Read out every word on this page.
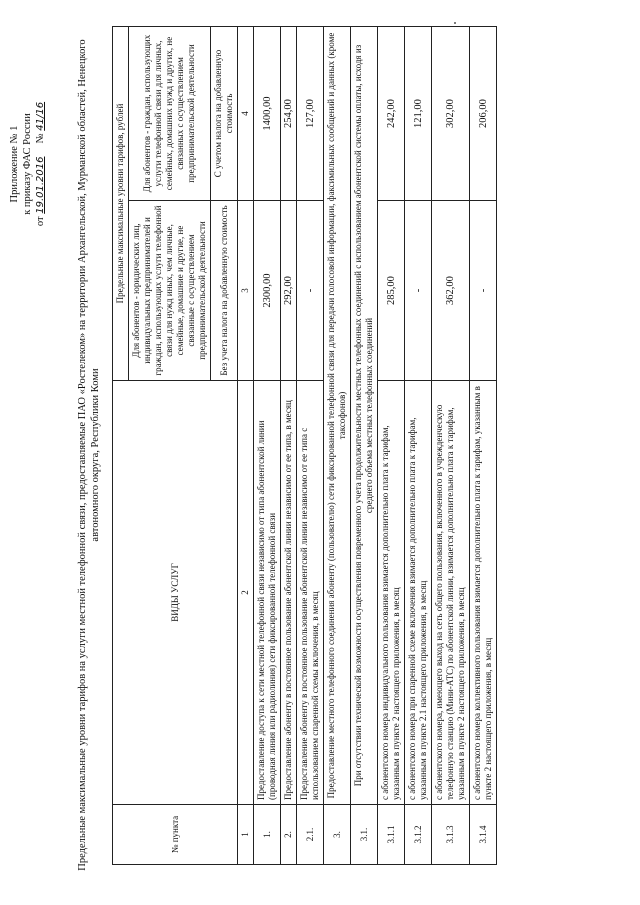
Приложение № 1 к приказу ФАС России
от 19.01.2016     № 41/16	Предельные максимальные уровни тарифов на услуги местной телефонной связи, предоставляемые ПАО «Ростелеком» на территории Архангельской, Мурманской областей, Ненецкого автономного округа, Республики Коми
№ пункта	ВИДЫ УСЛУГ	Предельные максимальные уровни тарифов, рублей	
		Для абонентов - юридических лиц, индивидуальных предпринимателей и граждан, использующих услуги телефонной связи для нужд иных, чем личные, семейные, домашние и другие, не связанные с осуществлением предпринимательской деятельности	Для абонентов - граждан, использующих услуги телефонной связи для личных, семейных, домашних нужд и других, не связанных с осуществлением предпринимательской деятельности
		Без учета налога на добавленную стоимость	С учетом налога на добавленную стоимость
1	2	3	4
1.	Предоставление доступа к сети местной телефонной связи независимо от типа абонентской линии (проводная линия или радиолиния) сети фиксированной телефонной связи	2300,00	1400,00
2.	Предоставление абоненту в постоянное пользование абонентской линии независимо от ее типа, в месяц	292,00	254,00
2.1.	Предоставление абоненту в постоянное пользование абонентской линии независимо от ее типа с использованием спаренной схемы включения, в месяц	-	127,00
3.	Предоставление местного телефонного соединения абоненту (пользователю) сети фиксированной телефонной связи для передачи голосовой информации, факсимильных сообщений и данных (кроме таксофонов)		
3.1.	При отсутствии технической возможности осуществления повременного учета продолжительности местных телефонных соединений с использованием абонентской системы оплаты, исходя из среднего объема местных телефонных соединений		
3.1.1	с абонентского номера индивидуального пользования взимается дополнительно плата к тарифам, указанным в пункте 2 настоящего приложения, в месяц	285,00	242,00
3.1.2	с абонентского номера при спаренной схеме включения взимается дополнительно плата к тарифам, указанным в пункте 2.1 настоящего приложения, в месяц	-	121,00
3.1.3	с абонентского номера, имеющего выход на сеть общего пользования, включенного в учрежденческую телефонную станцию (Мини-АТС) по абонентской линии, взимается дополнительно плата к тарифам, указанным в пункте 2 настоящего приложения, в месяц	362,00	302,00
3.1.4	с абонентского номера коллективного пользования взимается дополнительно плата к тарифам, указанным в пункте 2 настоящего приложения, в месяц	-	206,00
